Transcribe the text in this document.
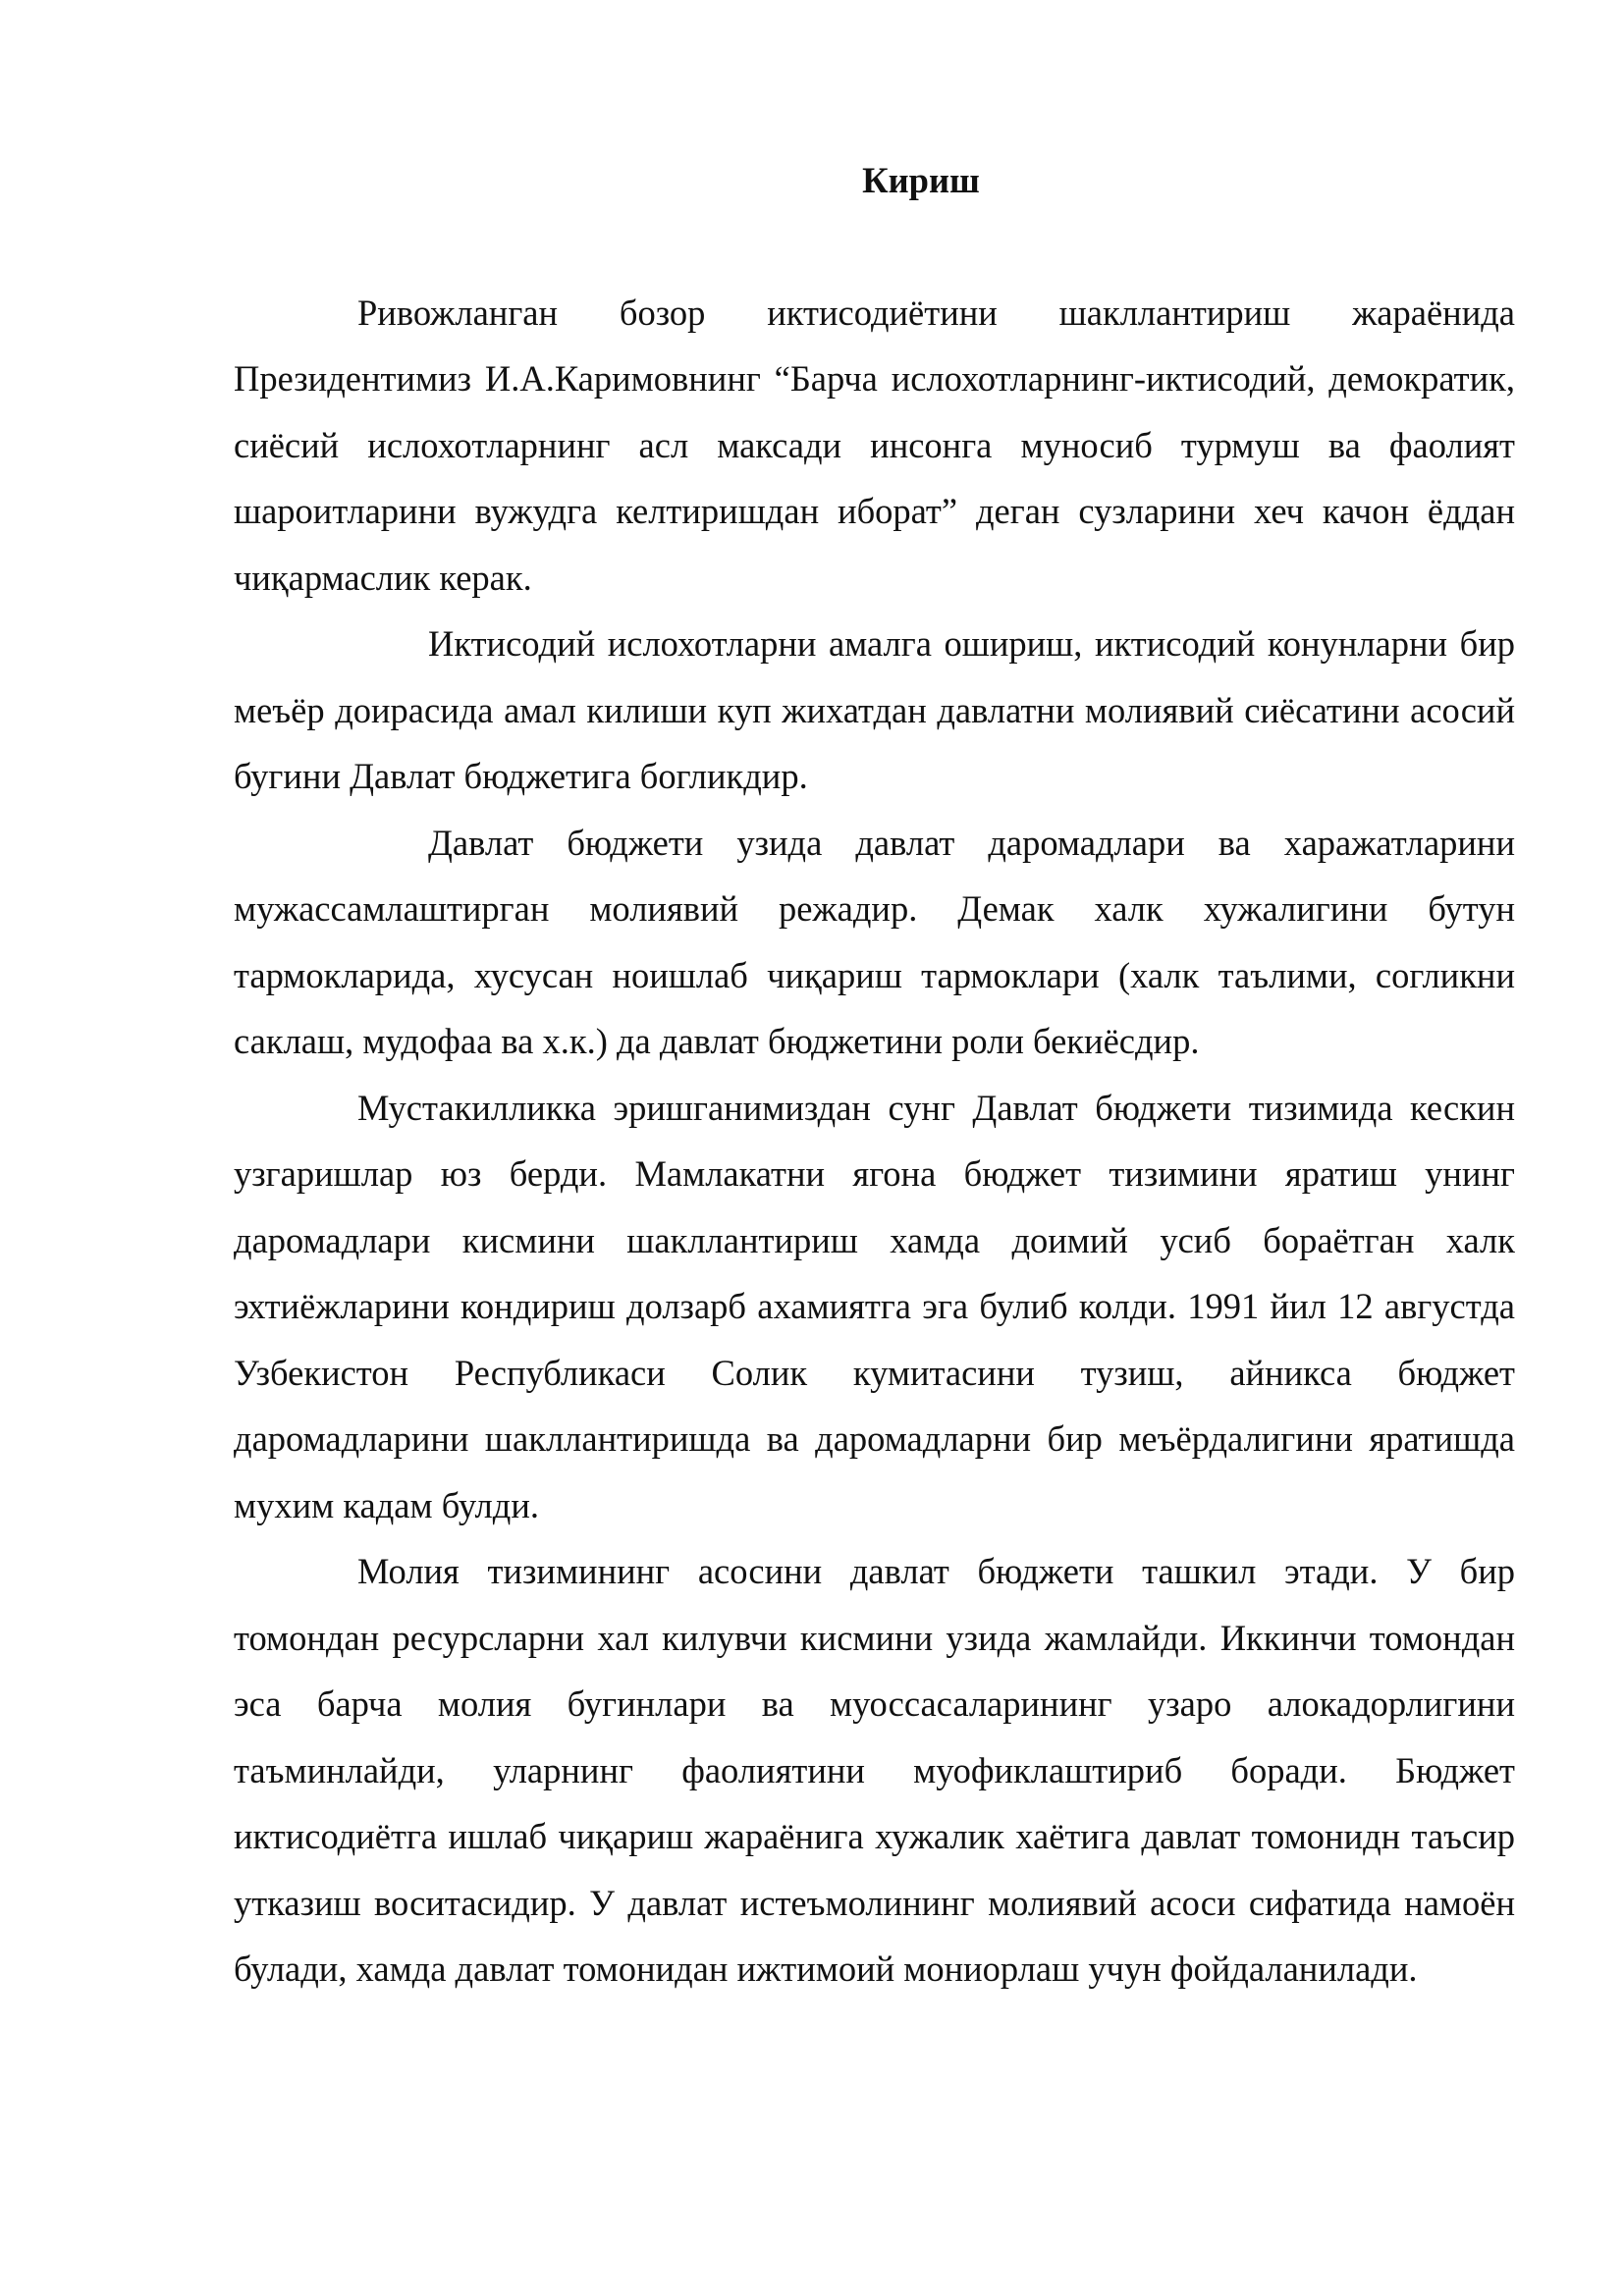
Кириш

Ривожланган бозор иктисодиётини шакллантириш жараёнида Президентимиз И.А.Каримовнинг “Барча ислохотларнинг-иктисодий, демократик, сиёсий ислохотларнинг асл максади инсонга муносиб турмуш ва фаолият шароитларини вужудга келтиришдан иборат” деган сузларини хеч качон ёддан чиқармаслик керак.

Иктисодий ислохотларни амалга ошириш, иктисодий конунларни бир меъёр доирасида амал килиши куп жихатдан давлатни молиявий сиёсатини асосий бугини Давлат бюджетига богликдир.

Давлат бюджети узида давлат даромадлари ва харажатларини мужассамлаштирган молиявий режадир. Демак халк хужалигини бутун тармокларида, хусусан ноишлаб чиқариш тармоклари (халк таълими, согликни саклаш, мудофаа ва х.к.) да давлат бюджетини роли бекиёсдир.

Мустакилликка эришганимиздан сунг Давлат бюджети тизимида кескин узгаришлар юз берди. Мамлакатни ягона бюджет тизимини яратиш унинг даромадлари кисмини шакллантириш хамда доимий усиб бораётган халк эхтиёжларини кондириш долзарб ахамиятга эга булиб колди. 1991 йил 12 августда Узбекистон Республикаси Солик кумитасини тузиш, айникса бюджет даромадларини шакллантиришда ва даромадларни бир меъёрдалигини яратишда мухим кадам булди.

Молия тизимининг асосини давлат бюджети ташкил этади. У бир томондан ресурсларни хал килувчи кисмини узида жамлайди. Иккинчи томондан эса барча молия бугинлари ва муоссасаларининг узаро алокадорлигини таъминлайди, уларнинг фаолиятини муофиклаштириб боради. Бюджет иктисодиётга ишлаб чиқариш жараёнига хужалик хаётига давлат томонидн таъсир утказиш воситасидир. У давлат истеъмолининг молиявий асоси сифатида намоён булади, хамда давлат томонидан ижтимоий мониорлаш учун фойдаланилади.
